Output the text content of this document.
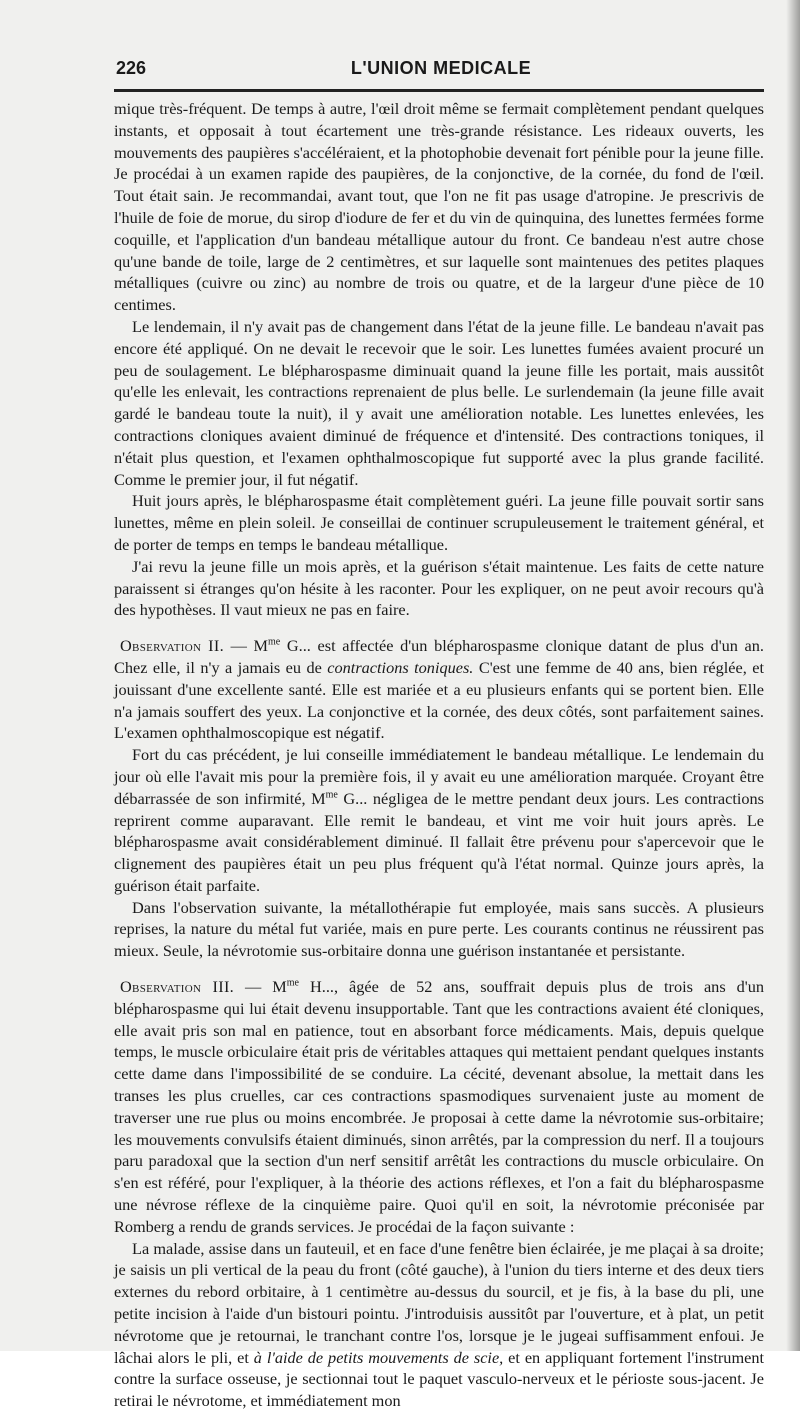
226	L'UNION MEDICALE

mique très-fréquent. De temps à autre, l'œil droit même se fermait complètement pendant quelques instants, et opposait à tout écartement une très-grande résistance. Les rideaux ouverts, les mouvements des paupières s'accéléraient, et la photophobie devenait fort pénible pour la jeune fille. Je procédai à un examen rapide des paupières, de la conjonctive, de la cornée, du fond de l'œil. Tout était sain. Je recommandai, avant tout, que l'on ne fit pas usage d'atropine. Je prescrivis de l'huile de foie de morue, du sirop d'iodure de fer et du vin de quinquina, des lunettes fermées forme coquille, et l'application d'un bandeau métallique autour du front. Ce bandeau n'est autre chose qu'une bande de toile, large de 2 centimètres, et sur laquelle sont maintenues des petites plaques métalliques (cuivre ou zinc) au nombre de trois ou quatre, et de la largeur d'une pièce de 10 centimes.

Le lendemain, il n'y avait pas de changement dans l'état de la jeune fille. Le bandeau n'avait pas encore été appliqué. On ne devait le recevoir que le soir. Les lunettes fumées avaient procuré un peu de soulagement. Le blépharospasme diminuait quand la jeune fille les portait, mais aussitôt qu'elle les enlevait, les contractions reprenaient de plus belle. Le surlendemain (la jeune fille avait gardé le bandeau toute la nuit), il y avait une amélioration notable. Les lunettes enlevées, les contractions cloniques avaient diminué de fréquence et d'intensité. Des contractions toniques, il n'était plus question, et l'examen ophthalmoscopique fut supporté avec la plus grande facilité. Comme le premier jour, il fut négatif.

Huit jours après, le blépharospasme était complètement guéri. La jeune fille pouvait sortir sans lunettes, même en plein soleil. Je conseillai de continuer scrupuleusement le traitement général, et de porter de temps en temps le bandeau métallique.

J'ai revu la jeune fille un mois après, et la guérison s'était maintenue. Les faits de cette nature paraissent si étranges qu'on hésite à les raconter. Pour les expliquer, on ne peut avoir recours qu'à des hypothèses. Il vaut mieux ne pas en faire.

Observation II. — $M^{me}$ G... est affectée d'un blépharospasme clonique datant de plus d'un an. Chez elle, il n'y a jamais eu de contractions toniques. C'est une femme de 40 ans, bien réglée, et jouissant d'une excellente santé. Elle est mariée et a eu plusieurs enfants qui se portent bien. Elle n'a jamais souffert des yeux. La conjonctive et la cornée, des deux côtés, sont parfaitement saines. L'examen ophthalmoscopique est négatif.

Fort du cas précédent, je lui conseille immédiatement le bandeau métallique. Le lendemain du jour où elle l'avait mis pour la première fois, il y avait eu une amélioration marquée. Croyant être débarrassée de son infirmité, $M^{me}$ G... négligea de le mettre pendant deux jours. Les contractions reprirent comme auparavant. Elle remit le bandeau, et vint me voir huit jours après. Le blépharospasme avait considérablement diminué. Il fallait être prévenu pour s'apercevoir que le clignement des paupières était un peu plus fréquent qu'à l'état normal. Quinze jours après, la guérison était parfaite.

Dans l'observation suivante, la métallothérapie fut employée, mais sans succès. A plusieurs reprises, la nature du métal fut variée, mais en pure perte. Les courants continus ne réussirent pas mieux. Seule, la névrotomie sus-orbitaire donna une guérison instantanée et persistante.

Observation III. — $M^{me}$ H..., âgée de 52 ans, souffrait depuis plus de trois ans d'un blépharospasme qui lui était devenu insupportable. Tant que les contractions avaient été cloniques, elle avait pris son mal en patience, tout en absorbant force médicaments. Mais, depuis quelque temps, le muscle orbiculaire était pris de véritables attaques qui mettaient pendant quelques instants cette dame dans l'impossibilité de se conduire. La cécité, devenant absolue, la mettait dans les transes les plus cruelles, car ces contractions spasmodiques survenaient juste au moment de traverser une rue plus ou moins encombrée. Je proposai à cette dame la névrotomie sus-orbitaire; les mouvements convulsifs étaient diminués, sinon arrêtés, par la compression du nerf. Il a toujours paru paradoxal que la section d'un nerf sensitif arrêtât les contractions du muscle orbiculaire. On s'en est référé, pour l'expliquer, à la théorie des actions réflexes, et l'on a fait du blépharospasme une névrose réflexe de la cinquième paire. Quoi qu'il en soit, la névrotomie préconisée par Romberg a rendu de grands services. Je procédai de la façon suivante :

La malade, assise dans un fauteuil, et en face d'une fenêtre bien éclairée, je me plaçai à sa droite; je saisis un pli vertical de la peau du front (côté gauche), à l'union du tiers interne et des deux tiers externes du rebord orbitaire, à 1 centimètre au-dessus du sourcil, et je fis, à la base du pli, une petite incision à l'aide d'un bistouri pointu. J'introduisis aussitôt par l'ouverture, et à plat, un petit névrotome que je retournai, le tranchant contre l'os, lorsque je le jugeai suffisamment enfoui. Je lâchai alors le pli, et à l'aide de petits mouvements de scie, et en appliquant fortement l'instrument contre la surface osseuse, je sectionnai tout le paquet vasculo-nerveux et le périoste sous-jacent. Je retirai le névrotome, et immédiatement mon
